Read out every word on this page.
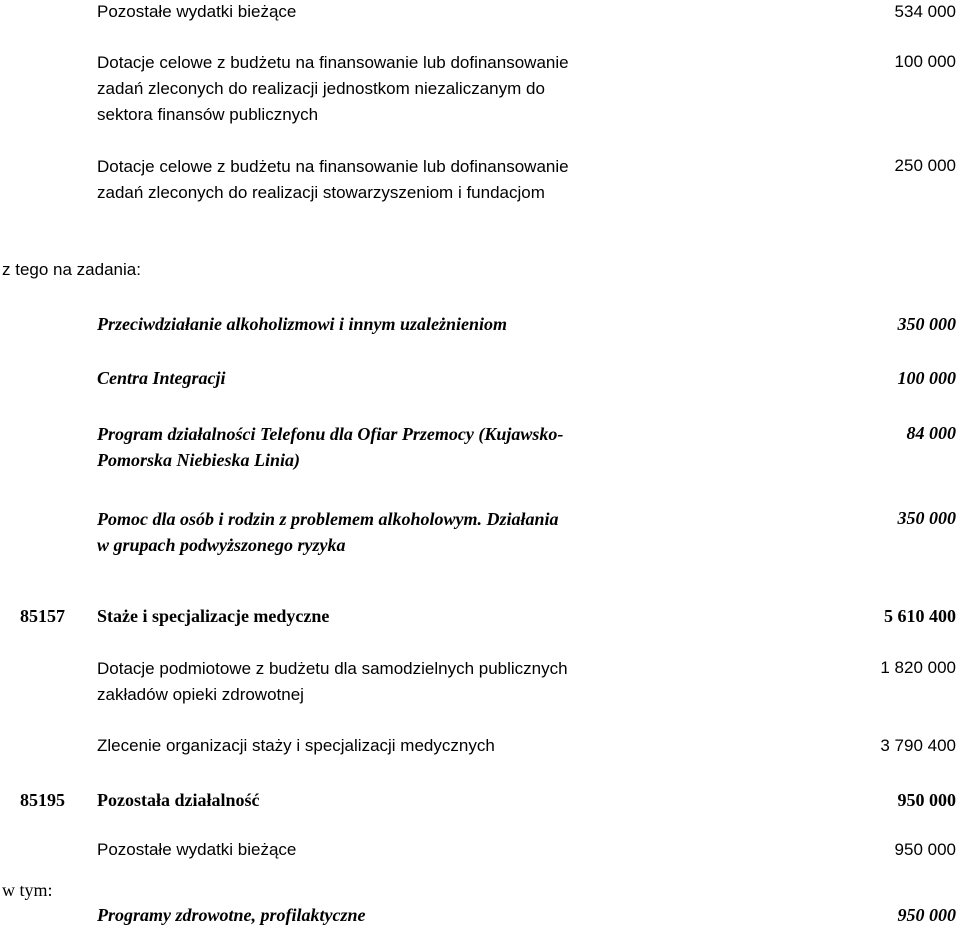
Pozostałe wydatki bieżące	534 000
Dotacje celowe z budżetu na finansowanie lub dofinansowanie
zadań zleconych do realizacji jednostkom niezaliczanym do
sektora finansów publicznych
100 000
Dotacje celowe z budżetu na finansowanie lub dofinansowanie
zadań zleconych do realizacji stowarzyszeniom i fundacjom
250 000
z tego na zadania:
Przeciwdziałanie alkoholizmowi i innym uzależnieniom	350 000
Centra Integracji	100 000
Program działalności Telefonu dla Ofiar Przemocy (Kujawsko-
Pomorska Niebieska Linia)
84 000
Pomoc dla osób i rodzin z problemem alkoholowym. Działania
w grupach podwyższonego ryzyka
350 000
85157 Staże i specjalizacje medyczne	5 610 400
Dotacje podmiotowe z budżetu dla samodzielnych publicznych
zakładów opieki zdrowotnej
1 820 000
Zlecenie organizacji staży i specjalizacji medycznych	3 790 400
85195 Pozostała działalność	950 000
Pozostałe wydatki bieżące	950 000
w tym:
Programy zdrowotne, profilaktyczne	950 000
